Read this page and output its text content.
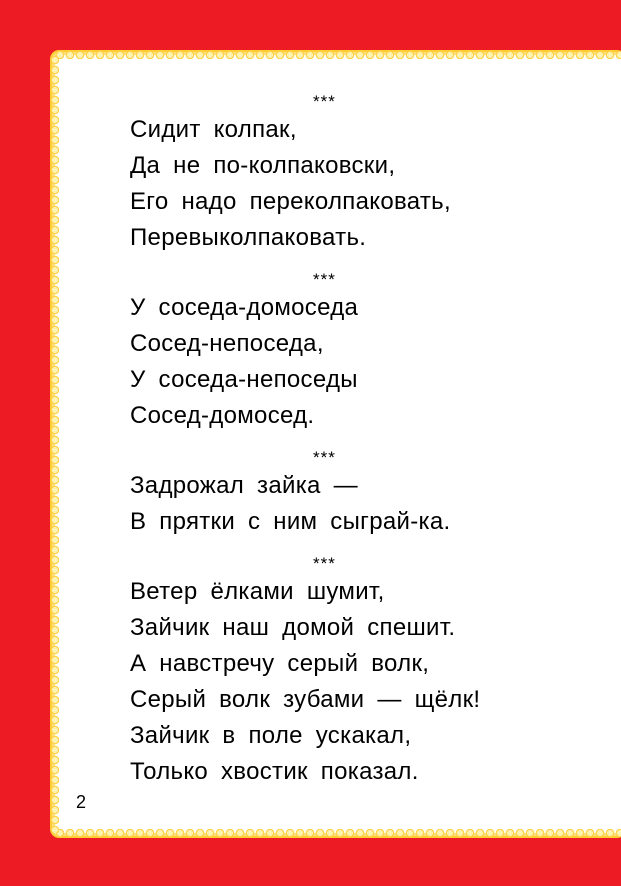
***
Сидит колпак,
Да не по-колпаковски,
Его надо переколпаковать,
Перевыколпаковать.
***
У соседа-домоседа
Сосед-непоседа,
У соседа-непоседы
Сосед-домосед.
***
Задрожал зайка —
В прятки с ним сыграй-ка.
***
Ветер ёлками шумит,
Зайчик наш домой спешит.
А навстречу серый волк,
Серый волк зубами — щёлк!
Зайчик в поле ускакал,
Только хвостик показал.
2
